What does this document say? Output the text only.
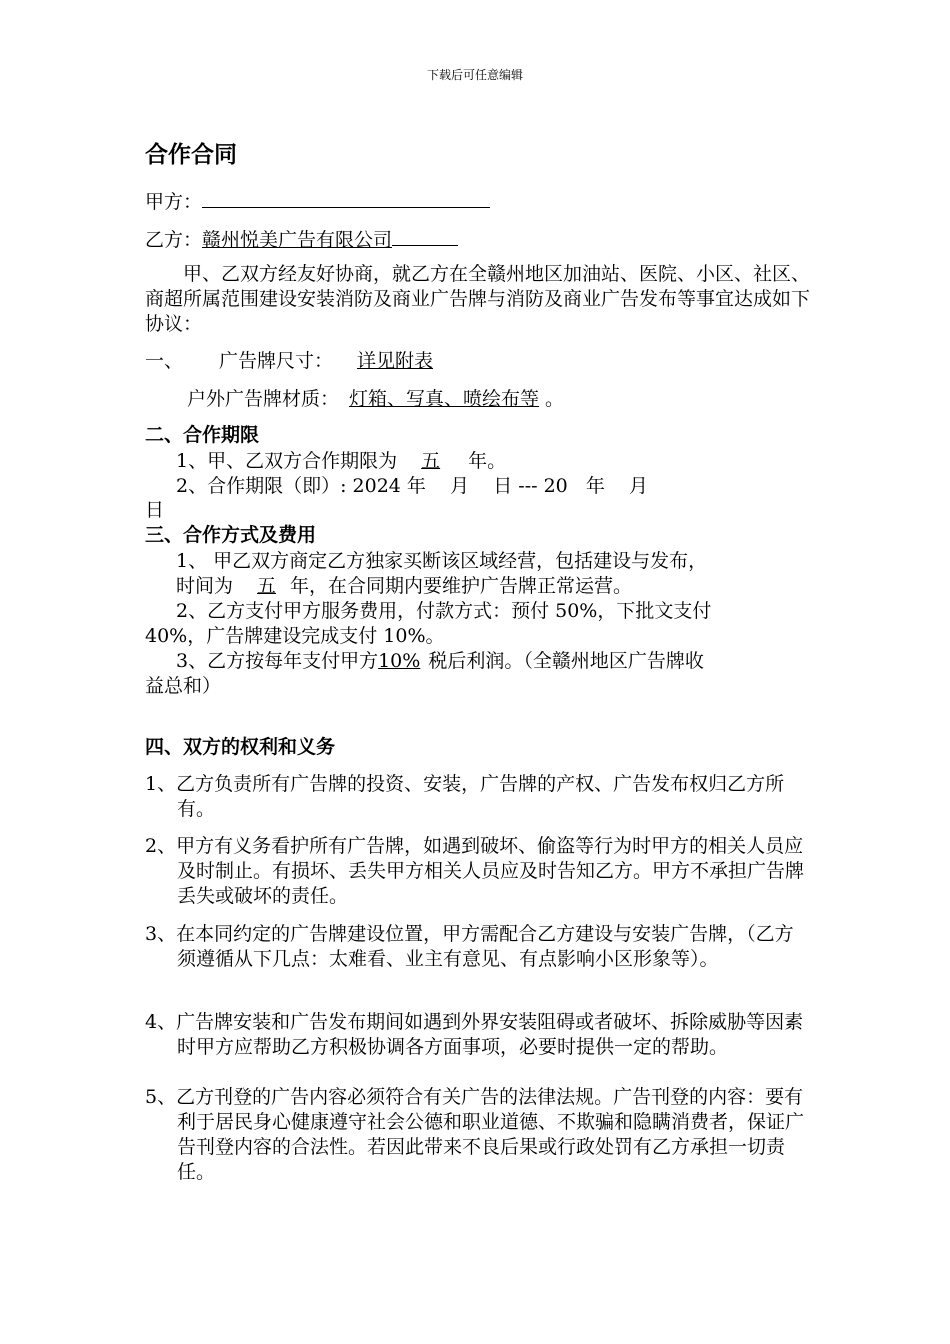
下载后可任意编辑
合作合同
甲方：
乙方：赣州悦美广告有限公司
甲、乙双方经友好协商，就乙方在全赣州地区加油站、医院、小区、社区、商超所属范围建设安装消防及商业广告牌与消防及商业广告发布等事宜达成如下协议：
一、 广告牌尺寸： 详见附表
户外广告牌材质： 灯箱、写真、喷绘布等 。
二、合作期限
1、甲、乙双方合作期限为 五 年。
2、合作期限（即）: 2024 年    月    日 --- 20   年    月
日
三、合作方式及费用
1、 甲乙双方商定乙方独家买断该区域经营，包括建设与发布，
时间为 五 年，在合同期内要维护广告牌正常运营。
2、乙方支付甲方服务费用，付款方式：预付 50%，下批文支付
40%，广告牌建设完成支付 10%。
3、乙方按每年支付甲方10% 税后利润。（全赣州地区广告牌收
益总和）
四、双方的权利和义务
1、乙方负责所有广告牌的投资、安装，广告牌的产权、广告发布权归乙方所有。
2、甲方有义务看护所有广告牌，如遇到破坏、偷盗等行为时甲方的相关人员应及时制止。有损坏、丢失甲方相关人员应及时告知乙方。甲方不承担广告牌丢失或破坏的责任。
3、在本同约定的广告牌建设位置，甲方需配合乙方建设与安装广告牌，（乙方须遵循从下几点：太难看、业主有意见、有点影响小区形象等）。
4、广告牌安装和广告发布期间如遇到外界安装阻碍或者破坏、拆除威胁等因素时甲方应帮助乙方积极协调各方面事项，必要时提供一定的帮助。
5、乙方刊登的广告内容必须符合有关广告的法律法规。广告刊登的内容：要有利于居民身心健康遵守社会公德和职业道德、不欺骗和隐瞒消费者，保证广告刊登内容的合法性。若因此带来不良后果或行政处罚有乙方承担一切责任。
